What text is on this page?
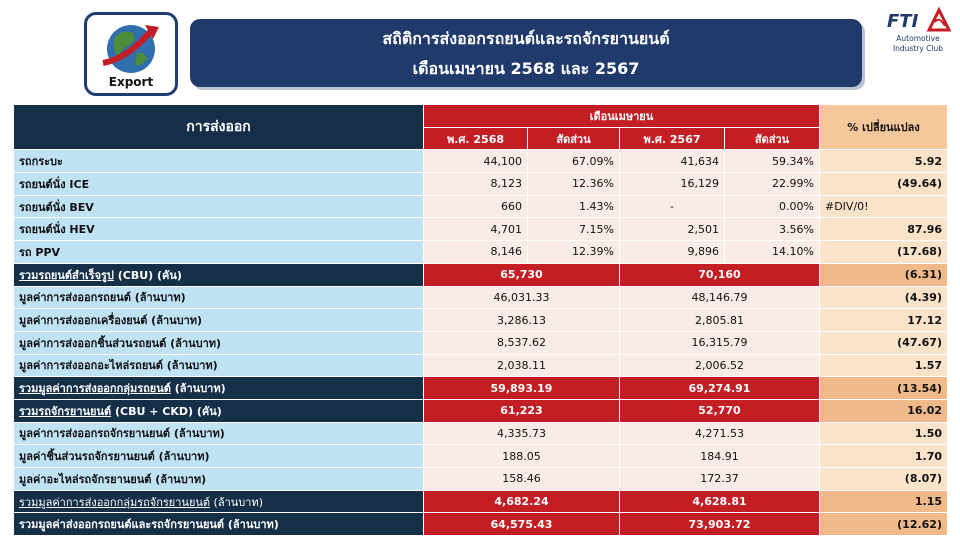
Export
สถิติการส่งออกรถยนต์และรถจักรยานยนต์
เดือนเมษายน 2568 และ 2567
FTI
Automotive
Industry Club
การส่งออก	เดือนเมษายน				% เปลี่ยนแปลง
	พ.ศ. 2568	สัดส่วน	พ.ศ. 2567	สัดส่วน	
รถกระบะ	44,100	67.09%	41,634	59.34%	5.92
รถยนต์นั่ง ICE	8,123	12.36%	16,129	22.99%	(49.64)
รถยนต์นั่ง BEV	660	1.43%	-	0.00%	#DIV/0!
รถยนต์นั่ง HEV	4,701	7.15%	2,501	3.56%	87.96
รถ PPV	8,146	12.39%	9,896	14.10%	(17.68)
รวมรถยนต์สำเร็จรูป (CBU) (คัน)	65,730		70,160		(6.31)
มูลค่าการส่งออกรถยนต์ (ล้านบาท)	46,031.33		48,146.79		(4.39)
มูลค่าการส่งออกเครื่องยนต์ (ล้านบาท)	3,286.13		2,805.81		17.12
มูลค่าการส่งออกชิ้นส่วนรถยนต์ (ล้านบาท)	8,537.62		16,315.79		(47.67)
มูลค่าการส่งออกอะไหล่รถยนต์ (ล้านบาท)	2,038.11		2,006.52		1.57
รวมมูลค่าการส่งออกกลุ่มรถยนต์ (ล้านบาท)	59,893.19		69,274.91		(13.54)
รวมรถจักรยานยนต์ (CBU + CKD) (คัน)	61,223		52,770		16.02
มูลค่าการส่งออกรถจักรยานยนต์ (ล้านบาท)	4,335.73		4,271.53		1.50
มูลค่าชิ้นส่วนรถจักรยานยนต์ (ล้านบาท)	188.05		184.91		1.70
มูลค่าอะไหล่รถจักรยานยนต์ (ล้านบาท)	158.46		172.37		(8.07)
รวมมูลค่าการส่งออกกลุ่มรถจักรยานยนต์ (ล้านบาท)	4,682.24		4,628.81		1.15
รวมมูลค่าส่งออกรถยนต์และรถจักรยานยนต์ (ล้านบาท)	64,575.43		73,903.72		(12.62)
